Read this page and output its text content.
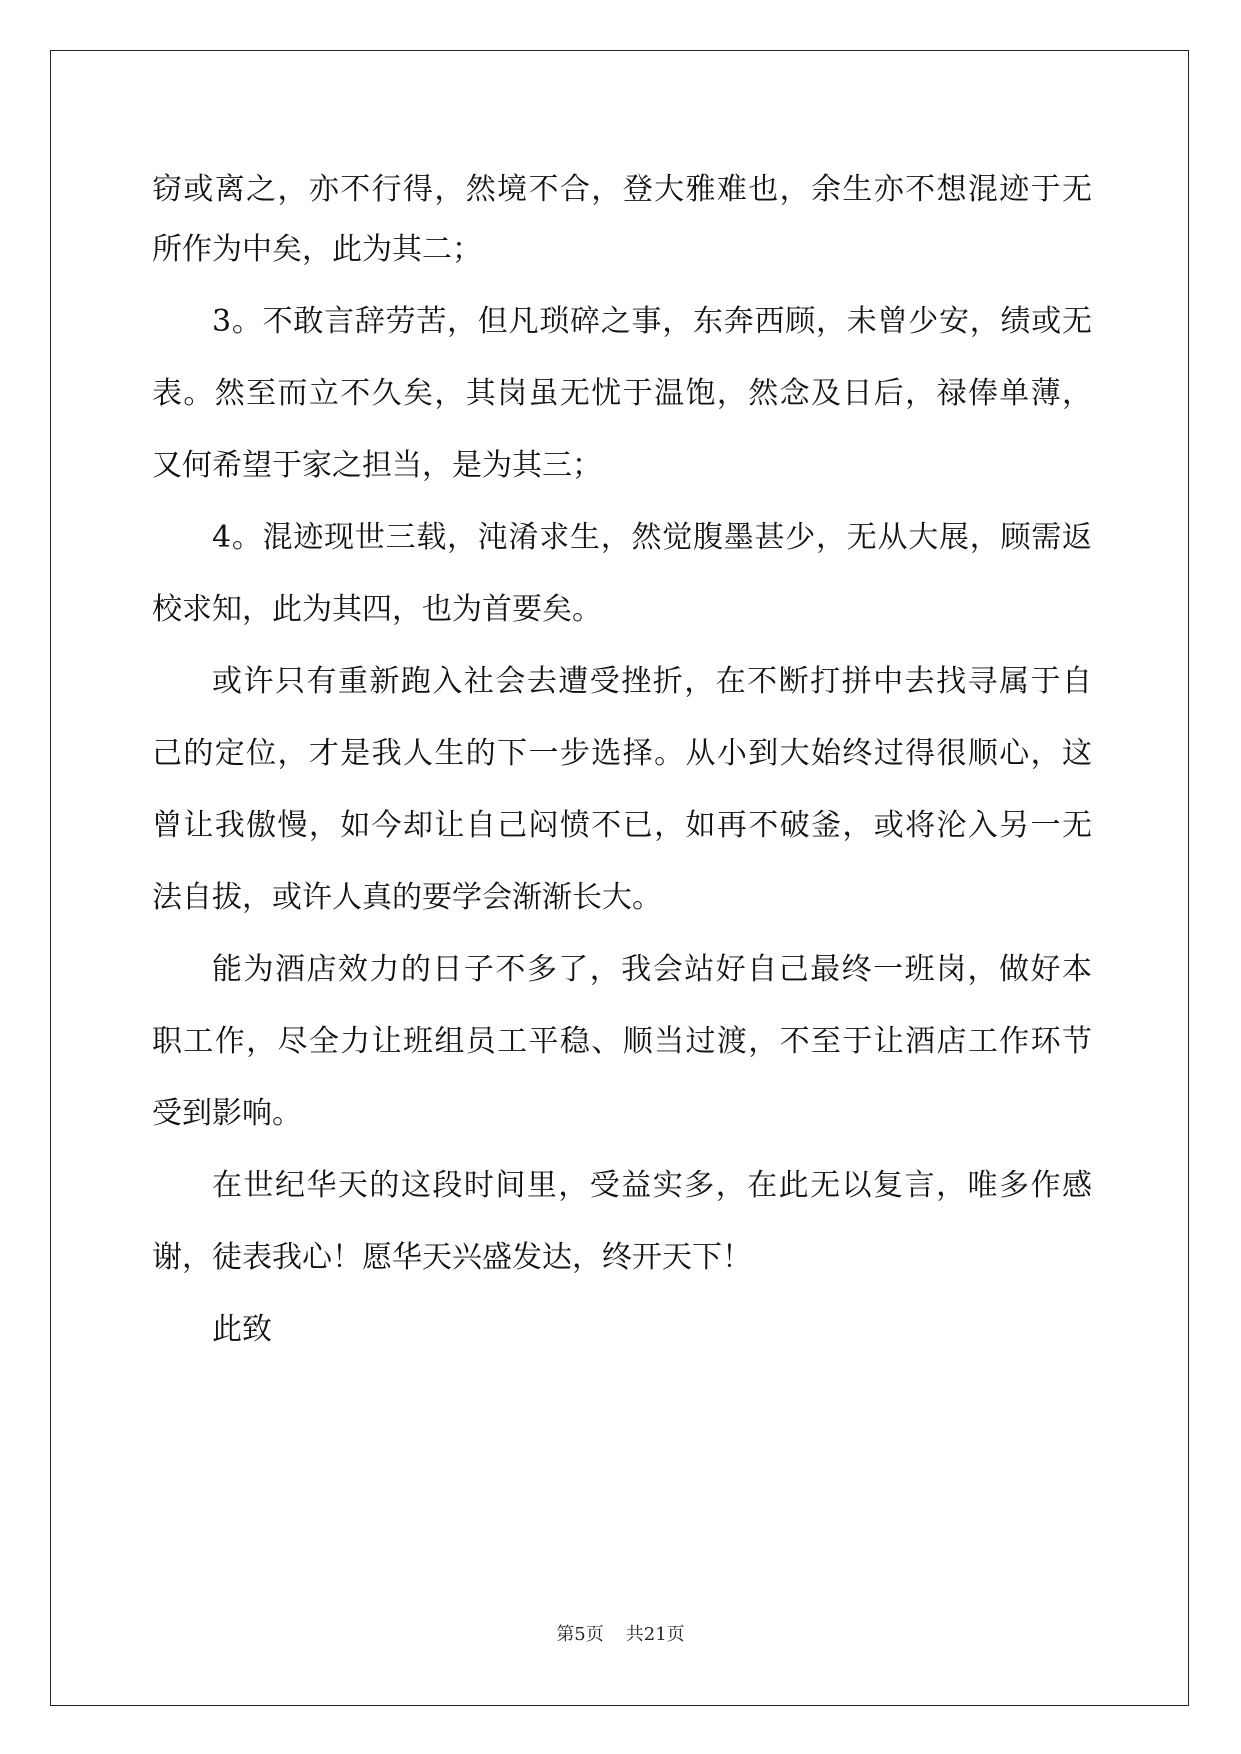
窃或离之，亦不行得，然境不合，登大雅难也，余生亦不想混迹于无
所作为中矣，此为其二；
3。不敢言辞劳苦，但凡琐碎之事，东奔西顾，未曾少安，绩或无
表。然至而立不久矣，其岗虽无忧于温饱，然念及日后，禄俸单薄，
又何希望于家之担当，是为其三；
4。混迹现世三载，沌淆求生，然觉腹墨甚少，无从大展，顾需返
校求知，此为其四，也为首要矣。
或许只有重新跑入社会去遭受挫折，在不断打拼中去找寻属于自
己的定位，才是我人生的下一步选择。从小到大始终过得很顺心，这
曾让我傲慢，如今却让自己闷愤不已，如再不破釜，或将沦入另一无
法自拔，或许人真的要学会渐渐长大。
能为酒店效力的日子不多了，我会站好自己最终一班岗，做好本
职工作，尽全力让班组员工平稳、顺当过渡，不至于让酒店工作环节
受到影响。
在世纪华天的这段时间里，受益实多，在此无以复言，唯多作感
谢，徒表我心！愿华天兴盛发达，终开天下！
此致
第5页 共21页
